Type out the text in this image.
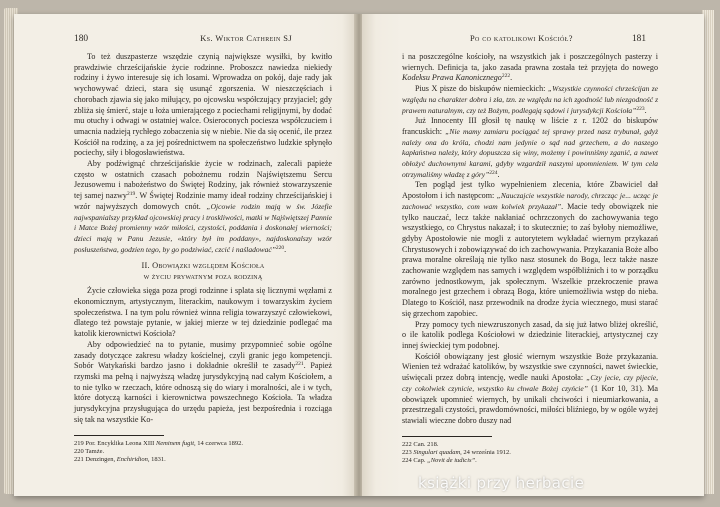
180	Ks. Wiktor Cathrein SJ

To też duszpasterze wszędzie czynią największe wysiłki, by kwitło prawdziwie chrześcijańskie życie rodzinne. Proboszcz nawiedza niekiedy rodziny i żywo interesuje się ich losami. Wprowadza on pokój, daje rady jak wychowywać dzieci, stara się usunąć zgorszenia. W nieszczęściach i chorobach zjawia się jako miłujący, po ojcowsku współczujący przyjaciel; gdy zbliża się śmierć, staje u łoża umierającego z pociechami religijnymi, by dodać mu otuchy i odwagi w ostatniej walce. Osieroconych pociesza współczuciem i umacnia nadzieją rychłego zobaczenia się w niebie. Nie da się ocenić, ile przez Kościół na rodzinę, a za jej pośrednictwem na społeczeństwo ludzkie spłynęło pociechy, siły i błogosławieństwa.

Aby podźwignąć chrześcijańskie życie w rodzinach, zalecali papieże często w ostatnich czasach pobożnemu rodzin Najświętszemu Sercu Jezusowemu i nabożeństwo do Świętej Rodziny, jak również stowarzyszenie tej samej nazwy$^{219}$. W Świętej Rodzinie mamy ideał rodziny chrześcijańskiej i wzór najwyższych domowych cnót. „Ojcowie rodzin mają w św. Józefie najwspanialszy przykład ojcowskiej pracy i troskliwości, matki w Najświętszej Pannie i Matce Bożej promienny wzór miłości, czystości, poddania i doskonałej wierności; dzieci mają w Panu Jezusie, «który był im poddany», najdoskonalszy wzór posłuszeństwa, godzien tego, by go podziwiać, czcić i naśladować”$^{220}$.

II. Obowiązki względem Kościoła
w życiu prywatnym poza rodziną

Życie człowieka sięga poza progi rodzinne i splata się licznymi węzłami z ekonomicznym, artystycznym, literackim, naukowym i towarzyskim życiem społeczeństwa. I na tym polu również winna religia towarzyszyć człowiekowi, dlatego też powstaje pytanie, w jakiej mierze w tej dziedzinie podlegać ma katolik kierownictwi Kościoła?

Aby odpowiedzieć na to pytanie, musimy przypomnieć sobie ogólne zasady dotyczące zakresu władzy kościelnej, czyli granic jego kompetencji. Sobór Watykański bardzo jasno i dokładnie określił te zasady$^{221}$. Papież rzymski ma pełną i najwyższą władzę jurysdykcyjną nad całym Kościołem, a to nie tylko w rzeczach, które odnoszą się do wiary i moralności, ale i w tych, które dotyczą karności i kierownictwa powszechnego Kościoła. Ta władza jurysdykcyjna przysługująca do urzędu papieża, jest bezpośrednia i rozciąga się tak na wszystkie Ko-

219 Por. Encyklika Leona XIII Neminem fugit, 14 czerwca 1892.
220 Tamże.
221 Denzingen, Enchiridion, 1831.
Po co katolikowi Kościół?	181

i na poszczególne kościoły, na wszystkich jak i poszczególnych pasterzy i wiernych. Definicja ta, jako zasada prawna została też przyjęta do nowego Kodeksu Prawa Kanonicznego$^{222}$.

Pius X pisze do biskupów niemieckich: „Wszystkie czynności chrześcijan ze względu na charakter dobra i zła, tzn. ze względu na ich zgodność lub niezgodność z prawem naturalnym, czy też Bożym, podlegają sądowi i jurysdykcji Kościoła”$^{223}$.

Już Innocenty III głosił tę naukę w liście z r. 1202 do biskupów francuskich: „Nie mamy zamiaru pociągać tej sprawy przed nasz trybunał, gdyż należy ona do króla, chodzi nam jedynie o sąd nad grzechem, a do naszego kapłaństwa należy, który dopuszcza się winy, możemy i powinniśmy zganić, a nawet obłożyć duchownymi karami, gdyby wzgardził naszymi upomnieniem. W tym cela otrzymaliśmy władzę z góry”$^{224}$.

Ten pogląd jest tylko wypełnieniem zlecenia, które Zbawiciel dał Apostołom i ich następcom: „Nauczajcie wszystkie narody, chrzcząc je... ucząc je zachować wszystko, com wam kolwiek przykazał”. Macie tedy obowiązek nie tylko nauczać, lecz także nakłaniać ochrzczonych do zachowywania tego wszystkiego, co Chrystus nakazał; i to skutecznie; to zaś byłoby niemożliwe, gdyby Apostołowie nie mogli z autorytetem wykładać wiernym przykazań Chrystusowych i zobowiązywać do ich zachowywania. Przykazania Boże albo prawa moralne określają nie tylko nasz stosunek do Boga, lecz także nasze zachowanie względem nas samych i względem współbliźnich i to w porządku zarówno jednostkowym, jak społecznym. Wszelkie przekroczenie prawa moralnego jest grzechem i obrazą Boga, które uniemożliwia wstęp do nieba. Dlatego to Kościół, nasz przewodnik na drodze życia wiecznego, musi starać się grzechom zapobiec.

Przy pomocy tych niewzruszonych zasad, da się już łatwo bliżej określić, o ile katolik podlega Kościołowi w dziedzinie literackiej, artystycznej czy innej świeckiej tym podobnej.

Kościół obowiązany jest głosić wiernym wszystkie Boże przykazania. Wienien też wdrażać katolików, by wszystkie swe czynności, nawet świeckie, uświęcali przez dobrą intencję, wedle nauki Apostoła: „Czy jecie, czy pijecie, czy cokolwiek czynicie, wszystko ku chwale Bożej czyńcie” (1 Kor 10, 31). Ma obowiązek upomnieć wiernych, by unikali chciwości i nieumiarkowania, a przestrzegali czystości, prawdomówności, miłości bliźniego, by w ogóle wyżej stawiali wieczne dobro duszy nad

222 Can. 218.
223 Singulari quadam, 24 września 1912.
224 Cap. „Novit de iudicis”.
książki przy herbacie
